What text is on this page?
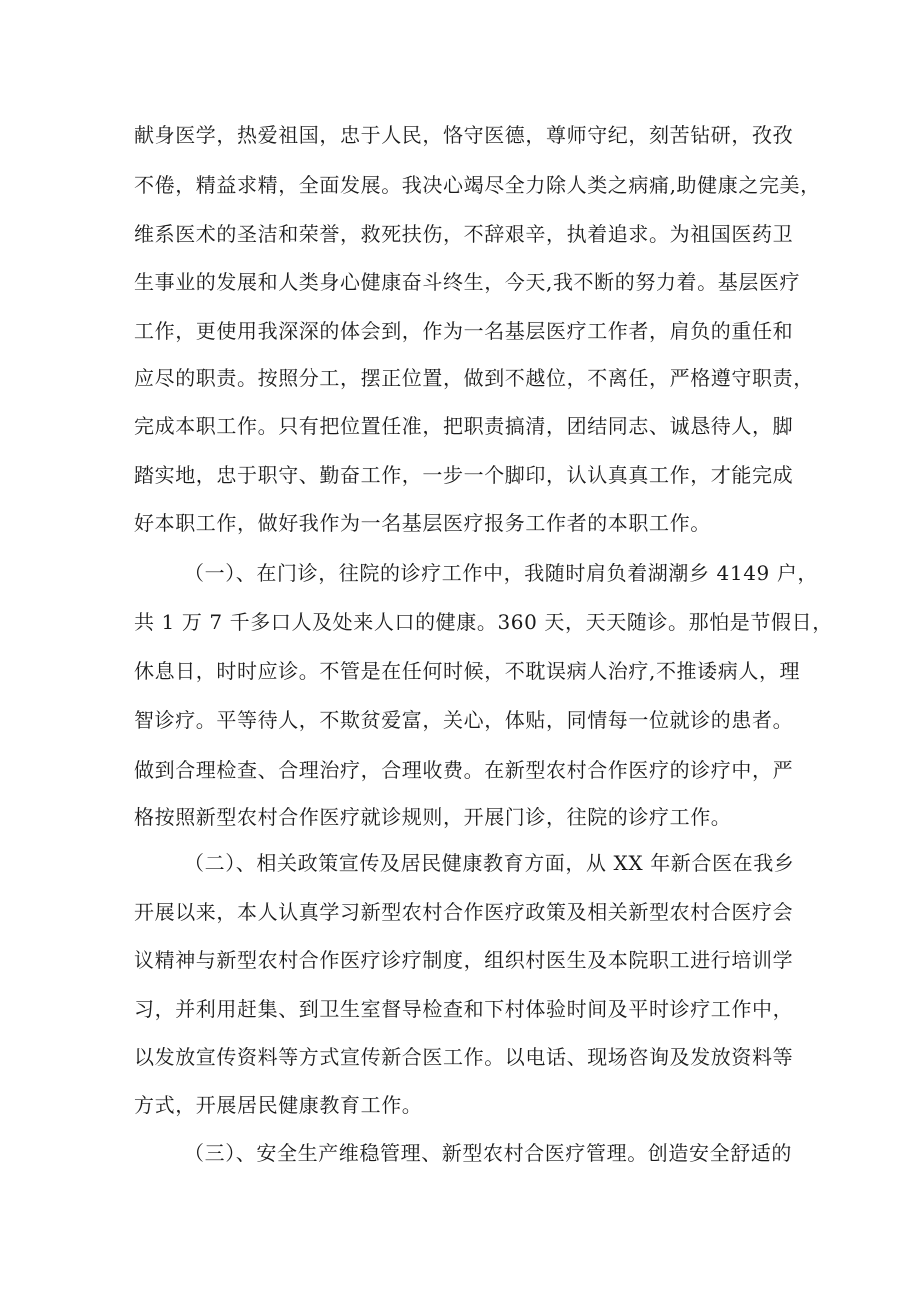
献身医学，热爱祖国，忠于人民，恪守医德，尊师守纪，刻苦钻研，孜孜
不倦，精益求精，全面发展。我决心竭尽全力除人类之病痛,助健康之完美，
维系医术的圣洁和荣誉，救死扶伤，不辞艰辛，执着追求。为祖国医药卫
生事业的发展和人类身心健康奋斗终生，今天,我不断的努力着。基层医疗
工作，更使用我深深的体会到，作为一名基层医疗工作者，肩负的重任和
应尽的职责。按照分工，摆正位置，做到不越位，不离任，严格遵守职责，
完成本职工作。只有把位置任准，把职责搞清，团结同志、诚恳待人，脚
踏实地，忠于职守、勤奋工作，一步一个脚印，认认真真工作，才能完成
好本职工作，做好我作为一名基层医疗报务工作者的本职工作。
（一）、在门诊，往院的诊疗工作中，我随时肩负着湖潮乡 4149 户，
共 1 万 7 千多口人及处来人口的健康。360 天，天天随诊。那怕是节假日，
休息日，时时应诊。不管是在任何时候，不耽误病人治疗,不推诿病人，理
智诊疗。平等待人，不欺贫爱富，关心，体贴，同情每一位就诊的患者。
做到合理检查、合理治疗，合理收费。在新型农村合作医疗的诊疗中，严
格按照新型农村合作医疗就诊规则，开展门诊，往院的诊疗工作。
（二）、相关政策宣传及居民健康教育方面，从 XX 年新合医在我乡
开展以来，本人认真学习新型农村合作医疗政策及相关新型农村合医疗会
议精神与新型农村合作医疗诊疗制度，组织村医生及本院职工进行培训学
习，并利用赶集、到卫生室督导检查和下村体验时间及平时诊疗工作中，
以发放宣传资料等方式宣传新合医工作。以电话、现场咨询及发放资料等
方式，开展居民健康教育工作。
（三）、安全生产维稳管理、新型农村合医疗管理。创造安全舒适的
